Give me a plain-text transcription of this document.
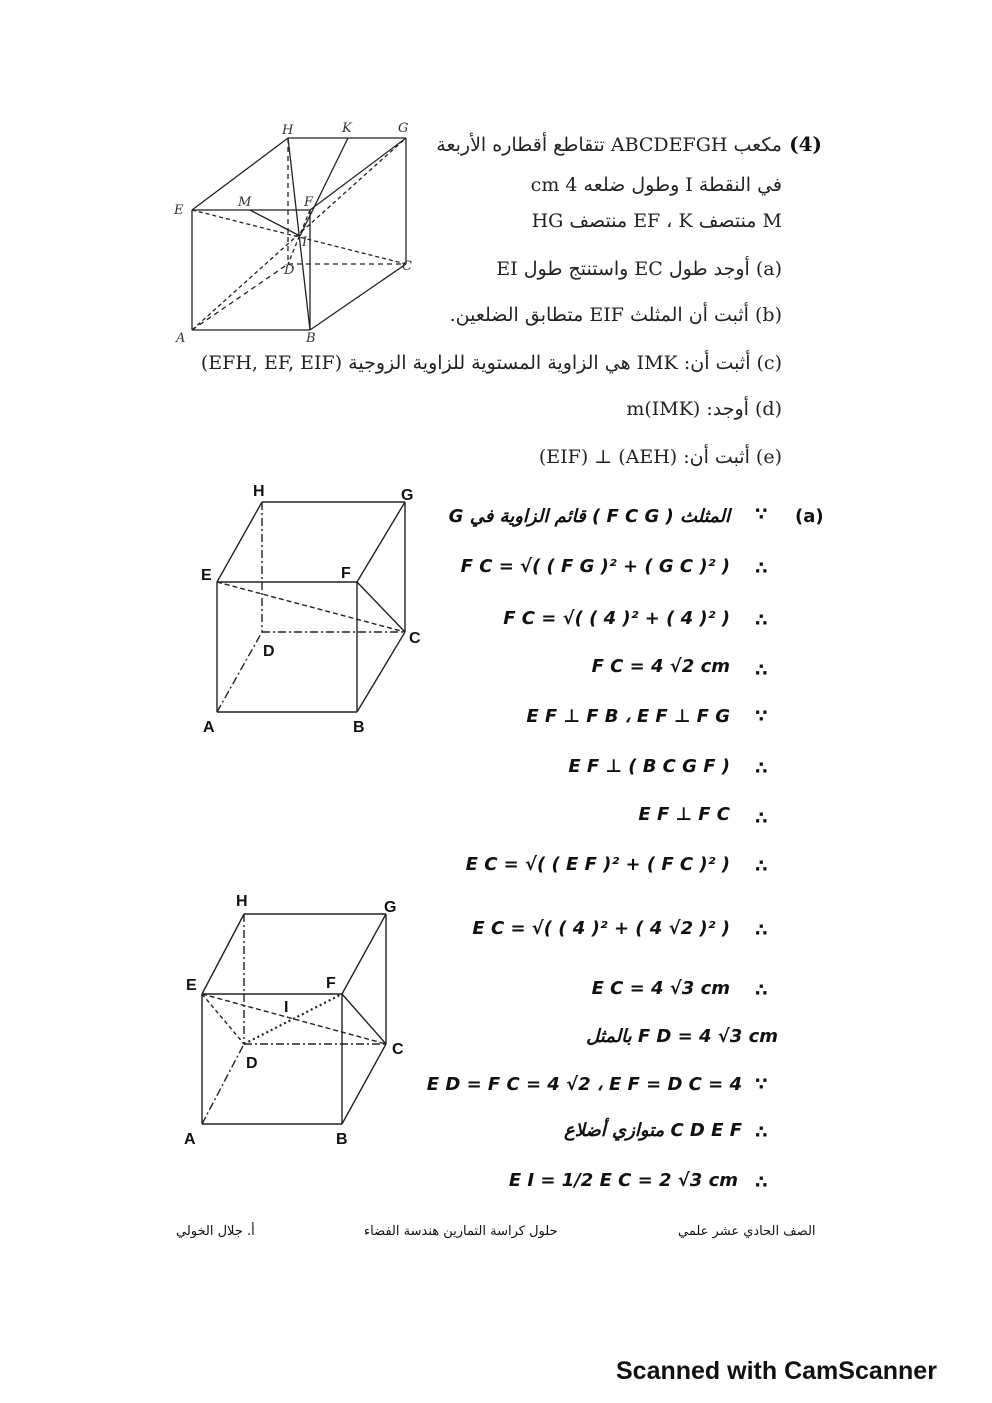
H	K	G
E
M	F
I
D	C
A	B
(4)
مكعب ABCDEFGH تتقاطع أقطاره الأربعة
في النقطة I وطول ضلعه 4 cm
M منتصف EF ، K منتصف HG
(a) أوجد طول EC واستنتج طول EI
(b) أثبت أن المثلث EIF متطابق الضلعين.
(c) أثبت أن: IMK هي الزاوية المستوية للزاوية الزوجية (EFH, EF, EIF)
(d) أوجد: m(IMK)
(e) أثبت أن: (AEH) ⊥ (EIF)
H	G
E	F
D
C
A	B
H	G
E	F
I
D
C
A	B
(a)
∵
G قائم الزاوية في ( F C G ) المثلث
∴
F C = √( ( F G )² + ( G C )² )
∴
F C = √( ( 4 )² + ( 4 )² )
∴
F C = 4 √2 cm
∵
E F ⊥ F B ، E F ⊥ F G
∴
E F ⊥ ( B C G F )
∴
E F ⊥ F C
∴
E C = √( ( E F )² + ( F C )² )
∴
E C = √( ( 4 )² + ( 4 √2 )² )
∴
E C = 4 √3 cm
بالمثل F D = 4 √3 cm
∵
E D = F C = 4 √2 ، E F = D C = 4
∴
متوازي أضلاع C D E F
∴
E I = 1/2 E C = 2 √3 cm
أ. جلال الخولي	حلول كراسة التمارين هندسة الفضاء	الصف الحادي عشر علمي
Scanned with CamScanner
